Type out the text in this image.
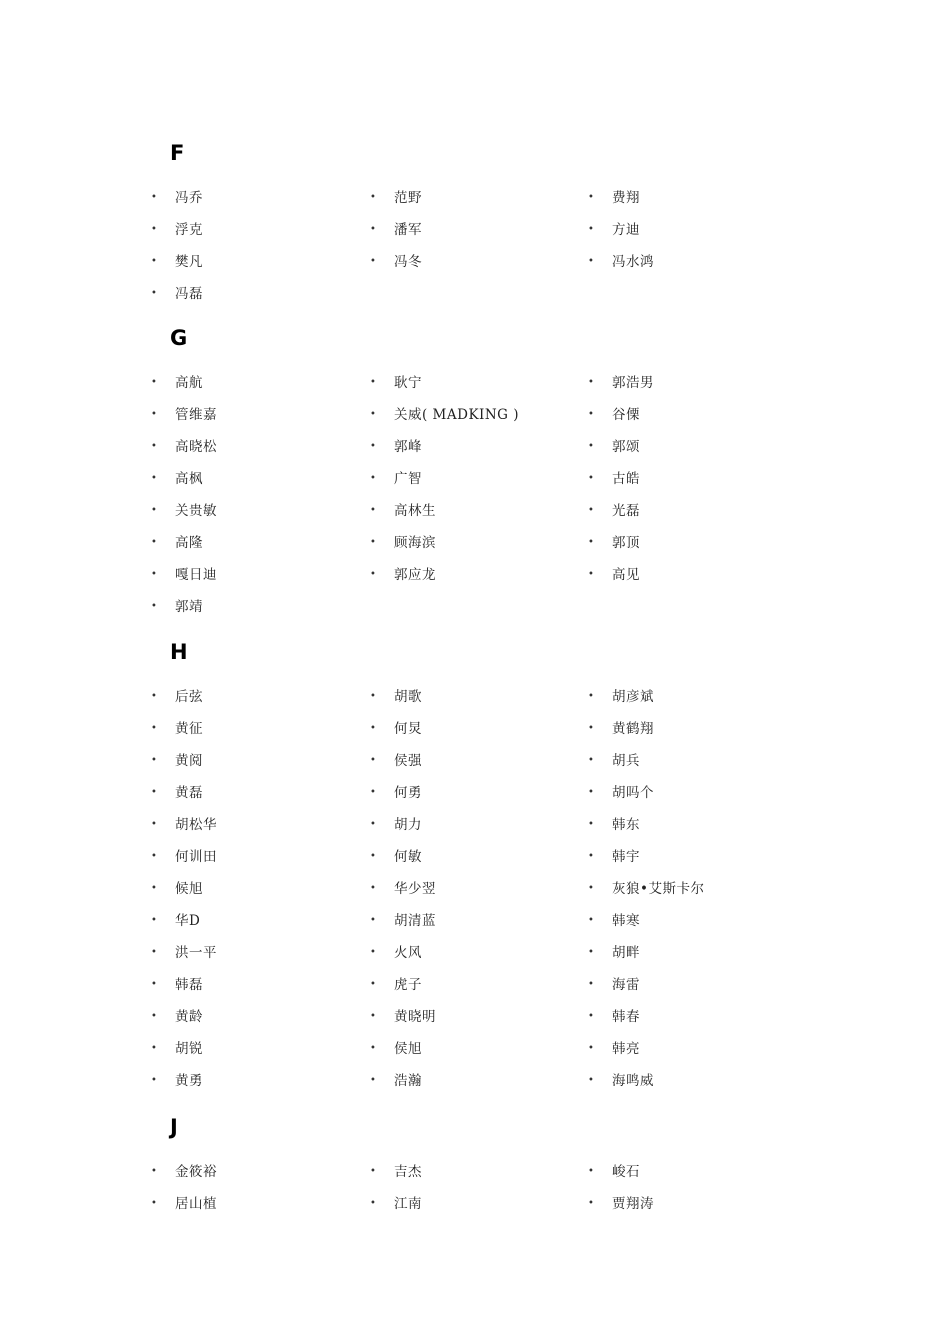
F
•	冯乔
•	浮克
•	樊凡
•	冯磊
•	范野
•	潘军
•	冯冬
•	费翔
•	方迪
•	冯水鸿
G
•	高航
•	管维嘉
•	高晓松
•	高枫
•	关贵敏
•	高隆
•	嘎日迪
•	郭靖
•	耿宁
•	关威( MADKING )
•	郭峰
•	广智
•	高林生
•	顾海滨
•	郭应龙
•	郭浩男
•	谷傈
•	郭颂
•	古皓
•	光磊
•	郭顶
•	高见
H
•	后弦
•	黄征
•	黄阅
•	黄磊
•	胡松华
•	何训田
•	候旭
•	华D
•	洪一平
•	韩磊
•	黄龄
•	胡锐
•	黄勇
•	胡歌
•	何炅
•	侯强
•	何勇
•	胡力
•	何敏
•	华少翌
•	胡清蓝
•	火风
•	虎子
•	黄晓明
•	侯旭
•	浩瀚
•	胡彦斌
•	黄鹤翔
•	胡兵
•	胡吗个
•	韩东
•	韩宇
•	灰狼•艾斯卡尔
•	韩寒
•	胡畔
•	海雷
•	韩春
•	韩亮
•	海鸣威
J
•	金筱裕
•	居山植
•	吉杰
•	江南
•	峻石
•	贾翔涛
